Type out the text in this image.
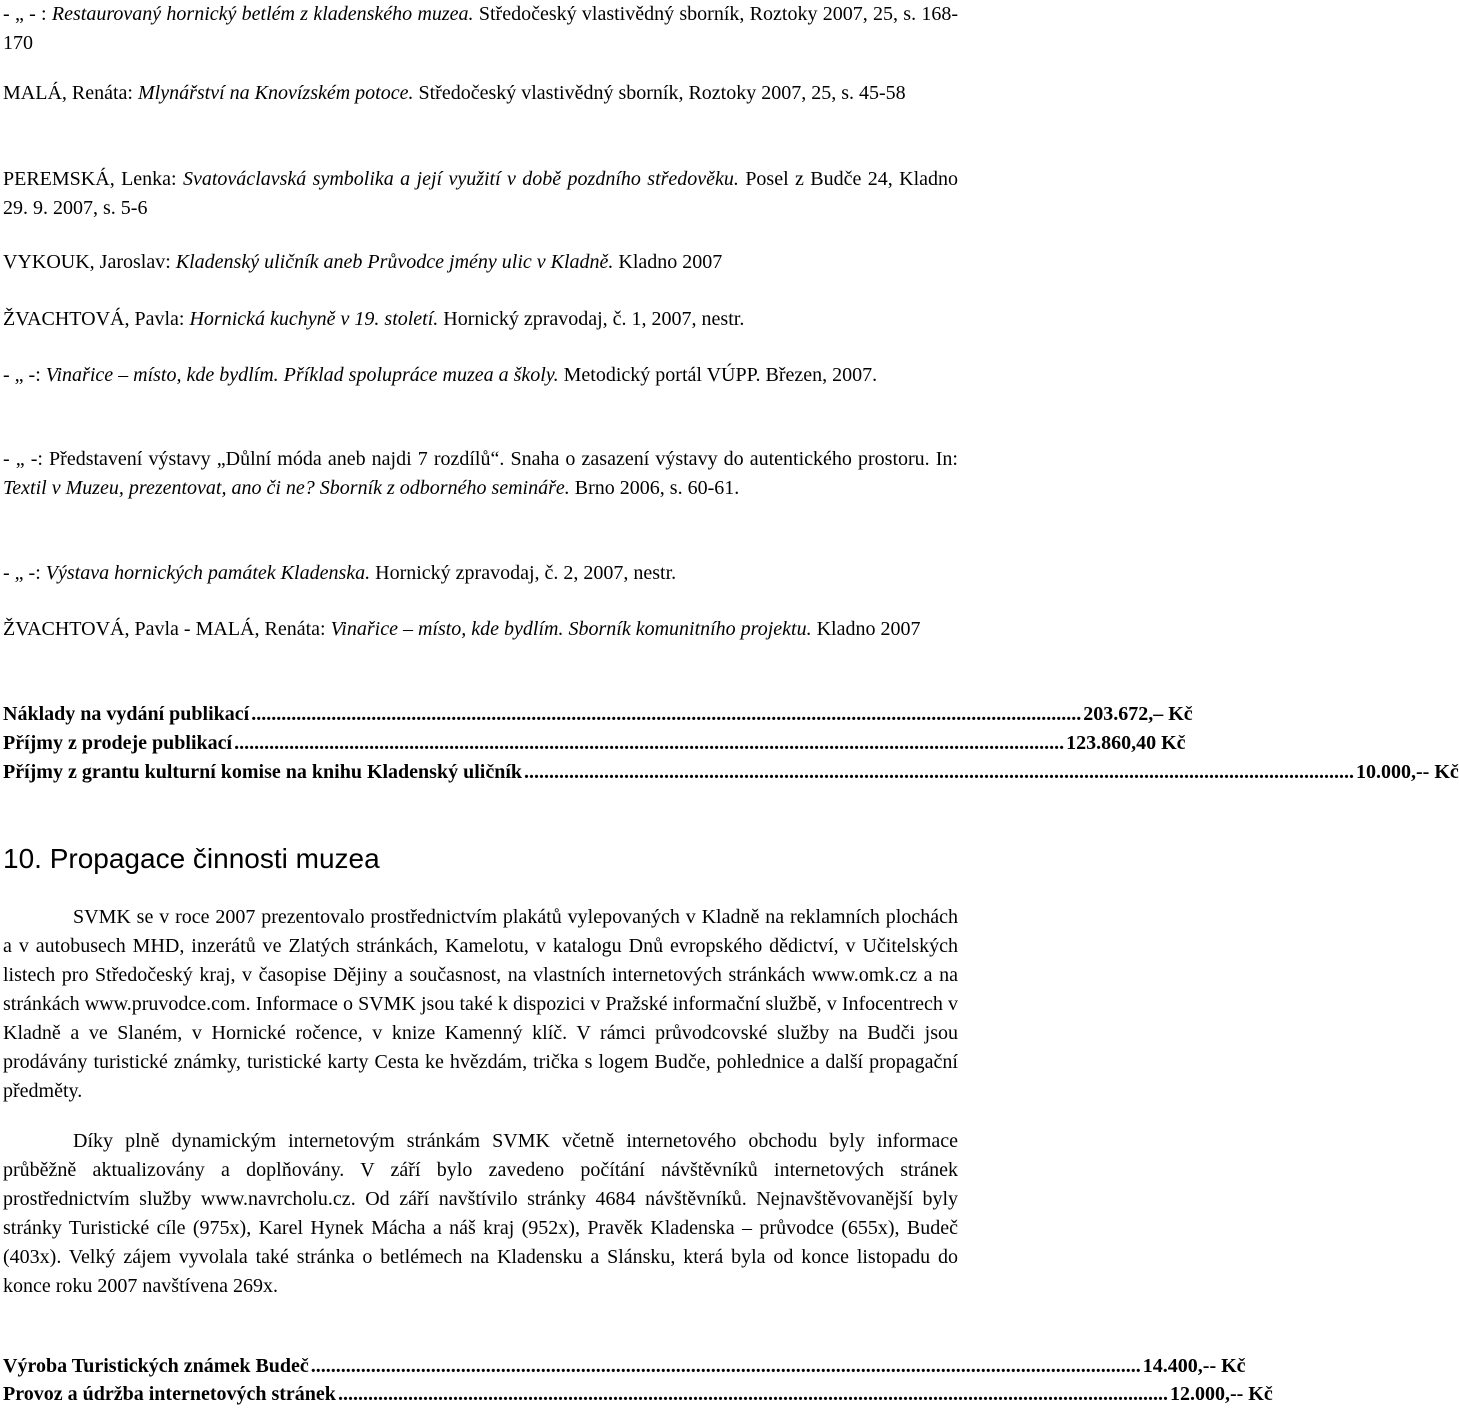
- „ - : Restaurovaný hornický betlém z kladenského muzea. Středočeský vlastivědný sborník, Roztoky 2007, 25, s. 168-170

MALÁ, Renáta: Mlynářství na Knovízském potoce. Středočeský vlastivědný sborník, Roztoky 2007, 25, s. 45-58

PEREMSKÁ, Lenka: Svatováclavská symbolika a její využití v době pozdního středověku. Posel z Budče 24, Kladno 29. 9. 2007, s. 5-6

VYKOUK, Jaroslav: Kladenský uličník aneb Průvodce jmény ulic v Kladně. Kladno 2007

ŽVACHTOVÁ, Pavla: Hornická kuchyně v 19. století. Hornický zpravodaj, č. 1, 2007, nestr.

- „ -: Vinařice – místo, kde bydlím. Příklad spolupráce muzea a školy. Metodický portál VÚPP. Březen, 2007.

- „ -: Představení výstavy „Důlní móda aneb najdi 7 rozdílů“. Snaha o zasazení výstavy do autentického prostoru. In: Textil v Muzeu, prezentovat, ano či ne? Sborník z odborného semináře. Brno 2006, s. 60-61.

- „ -: Výstava hornických památek Kladenska. Hornický zpravodaj, č. 2, 2007, nestr.

ŽVACHTOVÁ, Pavla - MALÁ, Renáta: Vinařice – místo, kde bydlím. Sborník komunitního projektu. Kladno 2007

Náklady na vydání publikací ...................................................................................................................................................................... 203.672,– Kč
Příjmy z prodeje publikací ...................................................................................................................................................................... 123.860,40 Kč
Příjmy z grantu kulturní komise na knihu Kladenský uličník ...................................................................................................................................................................... 10.000,-- Kč
10. Propagace činnosti muzea

SVMK se v roce 2007 prezentovalo prostřednictvím plakátů vylepovaných v Kladně na reklamních plochách a v autobusech MHD, inzerátů ve Zlatých stránkách, Kamelotu, v katalogu Dnů evropského dědictví, v Učitelských listech pro Středočeský kraj, v časopise Dějiny a současnost, na vlastních internetových stránkách www.omk.cz a na stránkách www.pruvodce.com. Informace o SVMK jsou také k dispozici v Pražské informační službě, v Infocentrech v Kladně a ve Slaném, v Hornické ročence, v knize Kamenný klíč. V rámci průvodcovské služby na Budči jsou prodávány turistické známky, turistické karty Cesta ke hvězdám, trička s logem Budče, pohlednice a další propagační předměty.

Díky plně dynamickým internetovým stránkám SVMK včetně internetového obchodu byly informace průběžně aktualizovány a doplňovány. V září bylo zavedeno počítání návštěvníků internetových stránek prostřednictvím služby www.navrcholu.cz. Od září navštívilo stránky 4684 návštěvníků. Nejnavštěvovanější byly stránky Turistické cíle (975x), Karel Hynek Mácha a náš kraj (952x), Pravěk Kladenska – průvodce (655x), Budeč (403x). Velký zájem vyvolala také stránka o betlémech na Kladensku a Slánsku, která byla od konce listopadu do konce roku 2007 navštívena 269x.

Výroba Turistických známek Budeč ...................................................................................................................................................................... 14.400,-- Kč
Provoz a údržba internetových stránek ...................................................................................................................................................................... 12.000,-- Kč
